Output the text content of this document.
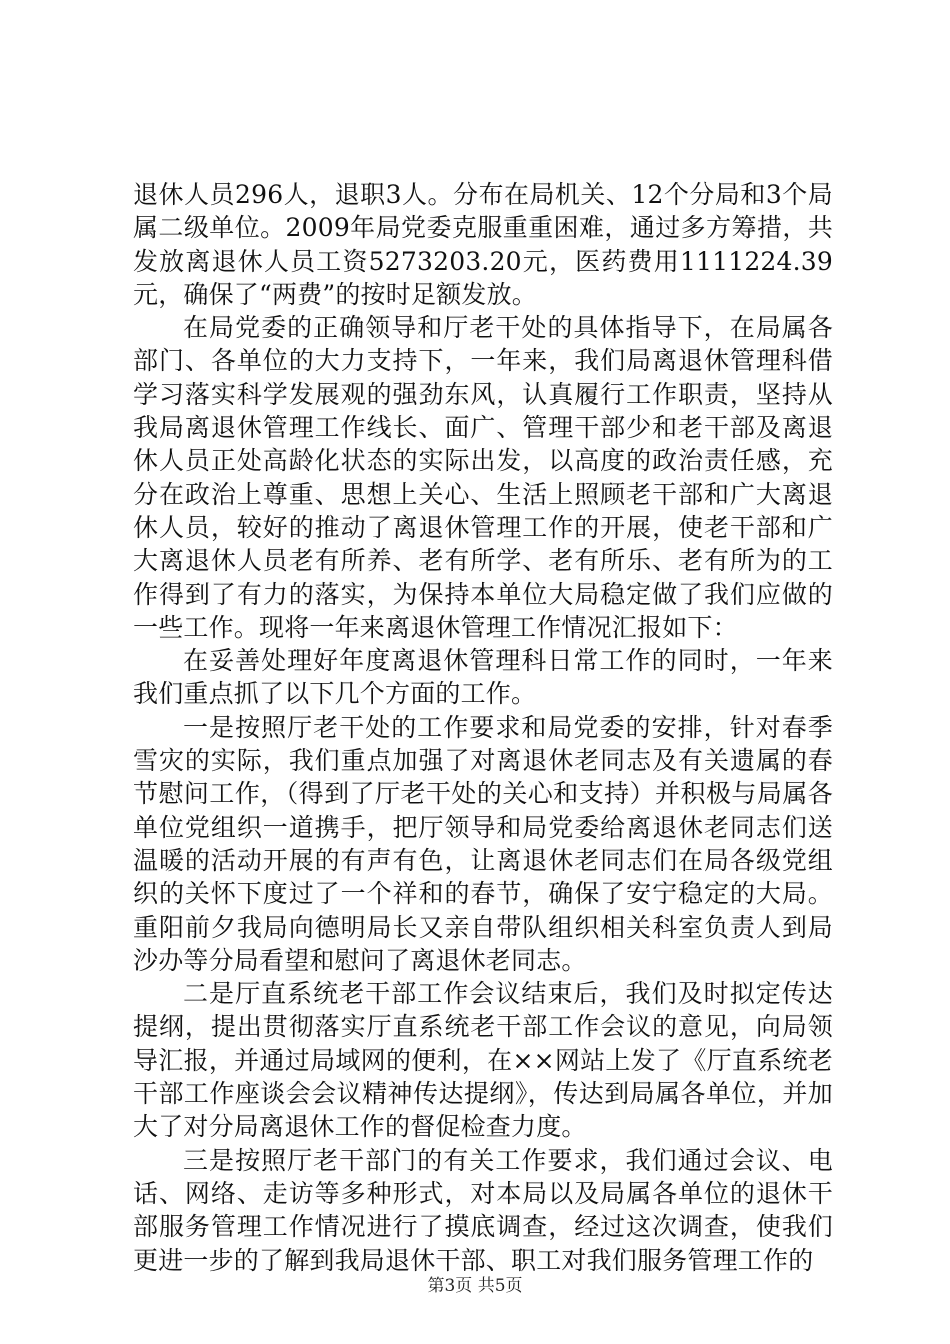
退休人员296人，退职3人。分布在局机关、12个分局和3个局属二级单位。2009年局党委克服重重困难，通过多方筹措，共发放离退休人员工资5273203.20元，医药费用1111224.39元，确保了“两费”的按时足额发放。

在局党委的正确领导和厅老干处的具体指导下，在局属各部门、各单位的大力支持下，一年来，我们局离退休管理科借学习落实科学发展观的强劲东风，认真履行工作职责，坚持从我局离退休管理工作线长、面广、管理干部少和老干部及离退休人员正处高龄化状态的实际出发，以高度的政治责任感，充分在政治上尊重、思想上关心、生活上照顾老干部和广大离退休人员，较好的推动了离退休管理工作的开展，使老干部和广大离退休人员老有所养、老有所学、老有所乐、老有所为的工作得到了有力的落实，为保持本单位大局稳定做了我们应做的一些工作。现将一年来离退休管理工作情况汇报如下：

在妥善处理好年度离退休管理科日常工作的同时，一年来我们重点抓了以下几个方面的工作。

一是按照厅老干处的工作要求和局党委的安排，针对春季雪灾的实际，我们重点加强了对离退休老同志及有关遗属的春节慰问工作，（得到了厅老干处的关心和支持）并积极与局属各单位党组织一道携手，把厅领导和局党委给离退休老同志们送温暖的活动开展的有声有色，让离退休老同志们在局各级党组织的关怀下度过了一个祥和的春节，确保了安宁稳定的大局。重阳前夕我局向德明局长又亲自带队组织相关科室负责人到局沙办等分局看望和慰问了离退休老同志。

二是厅直系统老干部工作会议结束后，我们及时拟定传达提纲，提出贯彻落实厅直系统老干部工作会议的意见，向局领导汇报，并通过局域网的便利，在××网站上发了《厅直系统老干部工作座谈会会议精神传达提纲》，传达到局属各单位，并加大了对分局离退休工作的督促检查力度。

三是按照厅老干部门的有关工作要求，我们通过会议、电话、网络、走访等多种形式，对本局以及局属各单位的退休干部服务管理工作情况进行了摸底调查，经过这次调查，使我们更进一步的了解到我局退休干部、职工对我们服务管理工作的

第3页 共5页
